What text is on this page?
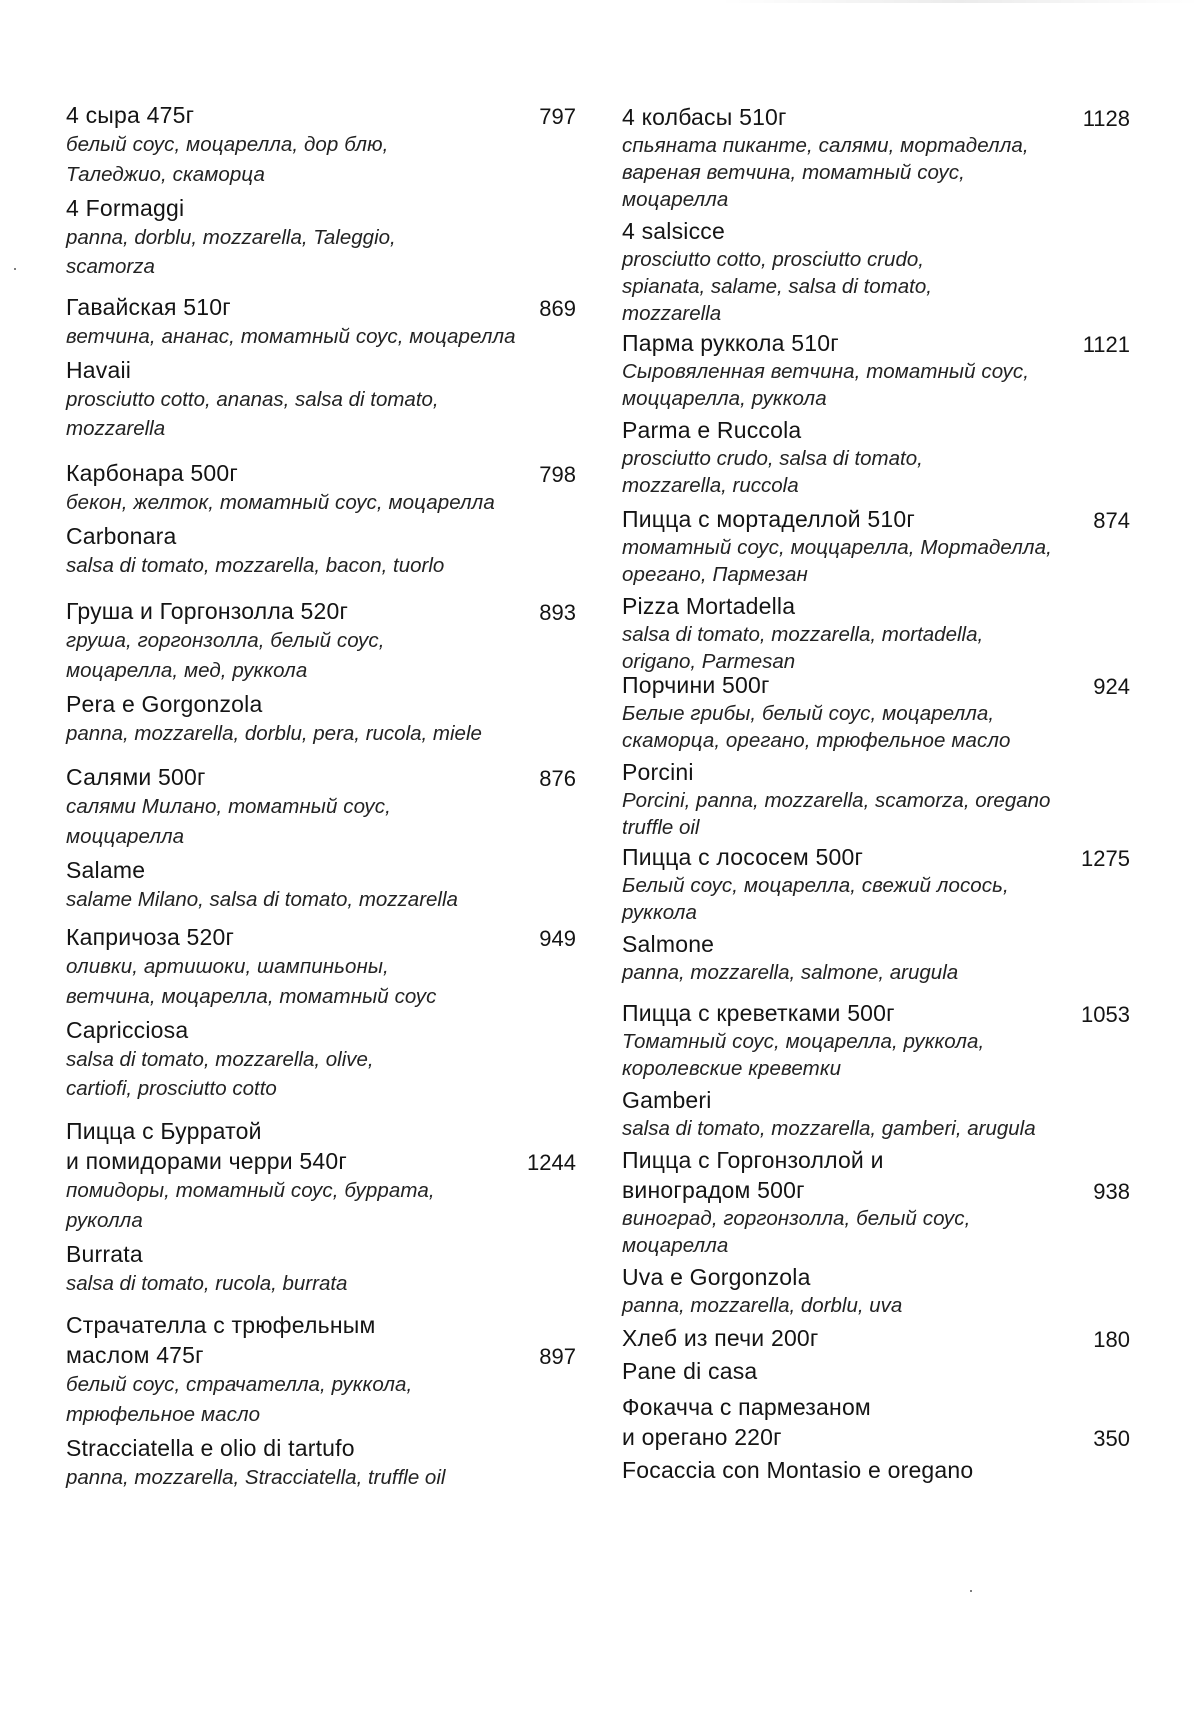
4 сыра 475г	797
белый соус, моцарелла, дор блю,
Таледжио, скаморца
4 Formaggi
panna, dorblu, mozzarella, Taleggio,
scamorza
Гавайская 510г	869
ветчина, ананас, томатный соус, моцарелла
Havaii
prosciutto cotto, ananas, salsa di tomato,
mozzarella
Карбонара 500г	798
бекон, желток, томатный соус, моцарелла
Carbonara
salsa di tomato, mozzarella, bacon, tuorlo
Груша и Горгонзолла 520г	893
груша, горгонзолла, белый соус,
моцарелла, мед, руккола
Pera e Gorgonzola
panna, mozzarella, dorblu, pera, rucola, miele
Салями 500г	876
салями Милано, томатный соус,
моццарелла
Salame
salame Milano, salsa di tomato, mozzarella
Капричоза 520г	949
оливки, артишоки, шампиньоны,
ветчина, моцарелла, томатный соус
Capricciosa
salsa di tomato, mozzarella, olive,
cartiofi, prosciutto cotto
Пицца с Бурратой
и помидорами черри 540г	1244
помидоры, томатный соус, буррата,
руколла
Burrata
salsa di tomato, rucola, burrata
Страчателла с трюфельным
маслом 475г	897
белый соус, страчателла, руккола,
трюфельное масло
Stracciatella e olio di tartufo
panna, mozzarella, Stracciatella, truffle oil
4 колбасы 510г	1128
спьяната пиканте, салями, мортаделла,
вареная ветчина, томатный соус,
моцарелла
4 salsicce
prosciutto cotto, prosciutto crudo,
spianata, salame, salsa di tomato,
mozzarella
Парма руккола 510г	1121
Сыровяленная ветчина, томатный соус,
моццарелла, руккола
Parma e Ruccola
prosciutto crudo, salsa di tomato,
mozzarella, ruccola
Пицца с мортаделлой 510г	874
томатный соус, моццарелла, Мортаделла,
орегано, Пармезан
Pizza Mortadella
salsa di tomato, mozzarella, mortadella,
origano, Parmesan
Порчини 500г	924
Белые грибы, белый соус, моцарелла,
скаморца, орегано, трюфельное масло
Porcini
Porcini, panna, mozzarella, scamorza, oregano
truffle oil
Пицца с лососем 500г	1275
Белый соус, моцарелла, свежий лосось,
руккола
Salmone
panna, mozzarella, salmone, arugula
Пицца с креветками 500г	1053
Томатный соус, моцарелла, руккола,
королевские креветки
Gamberi
salsa di tomato, mozzarella, gamberi, arugula
Пицца с Горгонзоллой и
виноградом 500г	938
виноград, горгонзолла, белый соус,
моцарелла
Uva e Gorgonzola
panna, mozzarella, dorblu, uva
Хлеб из печи 200г	180
Pane di casa
Фокачча с пармезаном
и орегано 220г	350
Focaccia con Montasio e oregano
